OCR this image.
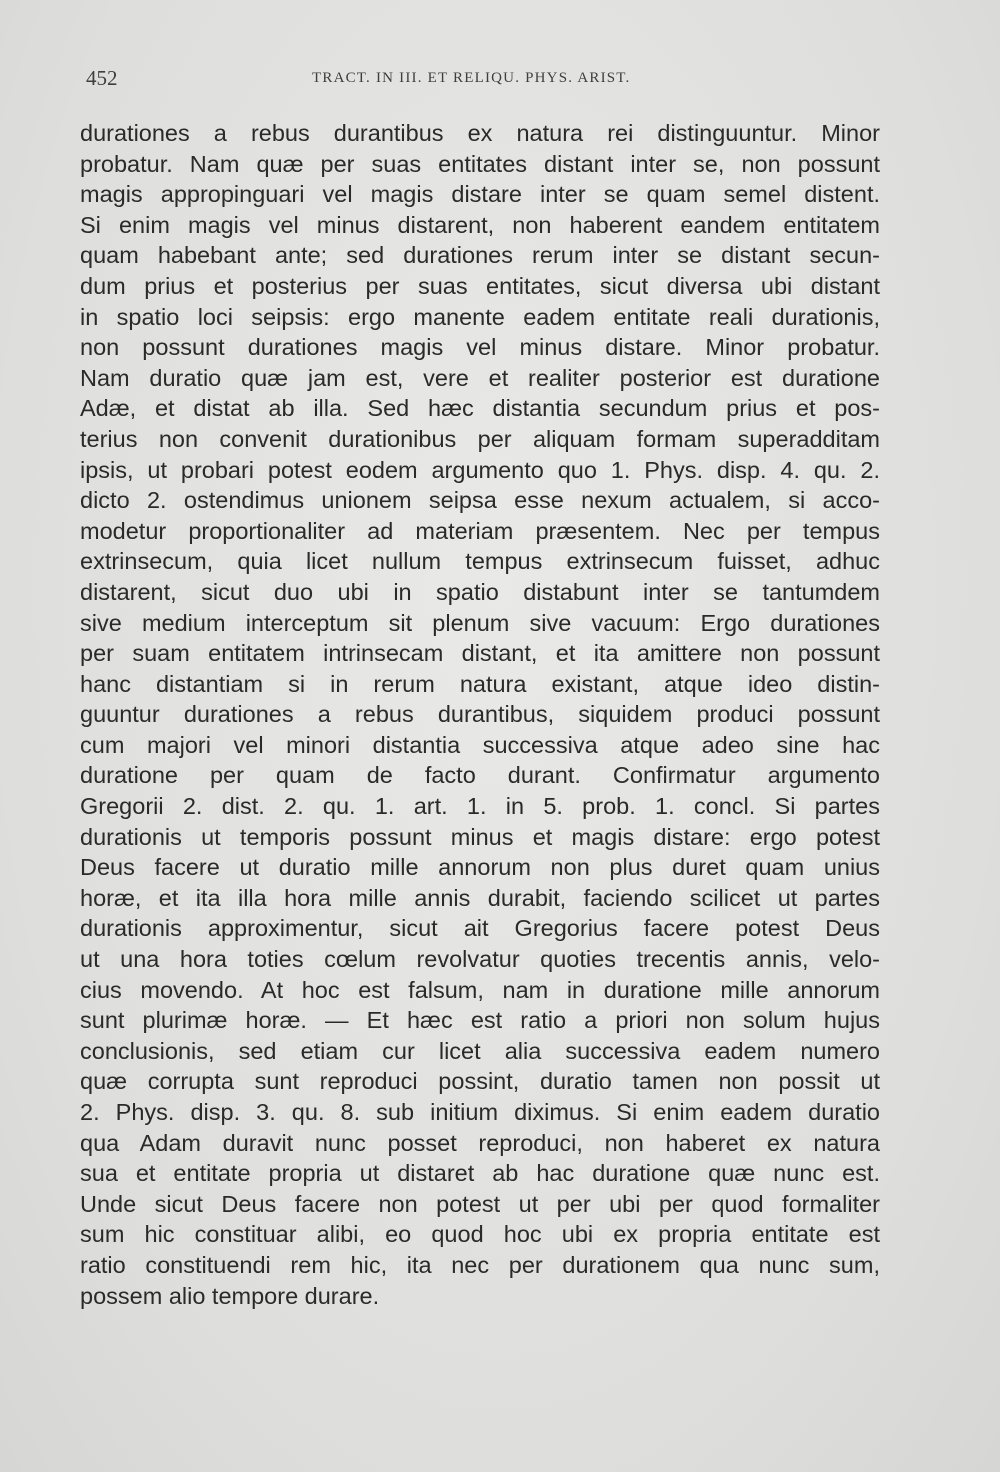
452	TRACT. IN III. ET RELIQU. PHYS. ARIST.
durationes a rebus durantibus ex natura rei distinguuntur. Minor
probatur. Nam quæ per suas entitates distant inter se, non possunt
magis appropinguari vel magis distare inter se quam semel distent.
Si enim magis vel minus distarent, non haberent eandem entitatem
quam habebant ante; sed durationes rerum inter se distant secun-
dum prius et posterius per suas entitates, sicut diversa ubi distant
in spatio loci seipsis: ergo manente eadem entitate reali durationis,
non possunt durationes magis vel minus distare. Minor probatur.
Nam duratio quæ jam est, vere et realiter posterior est duratione
Adæ, et distat ab illa. Sed hæc distantia secundum prius et pos-
terius non convenit durationibus per aliquam formam superadditam
ipsis, ut probari potest eodem argumento quo 1. Phys. disp. 4. qu. 2.
dicto 2. ostendimus unionem seipsa esse nexum actualem, si acco-
modetur proportionaliter ad materiam præsentem. Nec per tempus
extrinsecum, quia licet nullum tempus extrinsecum fuisset, adhuc
distarent, sicut duo ubi in spatio distabunt inter se tantumdem
sive medium interceptum sit plenum sive vacuum: Ergo durationes
per suam entitatem intrinsecam distant, et ita amittere non possunt
hanc distantiam si in rerum natura existant, atque ideo distin-
guuntur durationes a rebus durantibus, siquidem produci possunt
cum majori vel minori distantia successiva atque adeo sine hac
duratione per quam de facto durant. Confirmatur argumento
Gregorii 2. dist. 2. qu. 1. art. 1. in 5. prob. 1. concl. Si partes
durationis ut temporis possunt minus et magis distare: ergo potest
Deus facere ut duratio mille annorum non plus duret quam unius
horæ, et ita illa hora mille annis durabit, faciendo scilicet ut partes
durationis approximentur, sicut ait Gregorius facere potest Deus
ut una hora toties cœlum revolvatur quoties trecentis annis, velo-
cius movendo. At hoc est falsum, nam in duratione mille annorum
sunt plurimæ horæ. — Et hæc est ratio a priori non solum hujus
conclusionis, sed etiam cur licet alia successiva eadem numero
quæ corrupta sunt reproduci possint, duratio tamen non possit ut
2. Phys. disp. 3. qu. 8. sub initium diximus. Si enim eadem duratio
qua Adam duravit nunc posset reproduci, non haberet ex natura
sua et entitate propria ut distaret ab hac duratione quæ nunc est.
Unde sicut Deus facere non potest ut per ubi per quod formaliter
sum hic constituar alibi, eo quod hoc ubi ex propria entitate est
ratio constituendi rem hic, ita nec per durationem qua nunc sum,
possem alio tempore durare.
